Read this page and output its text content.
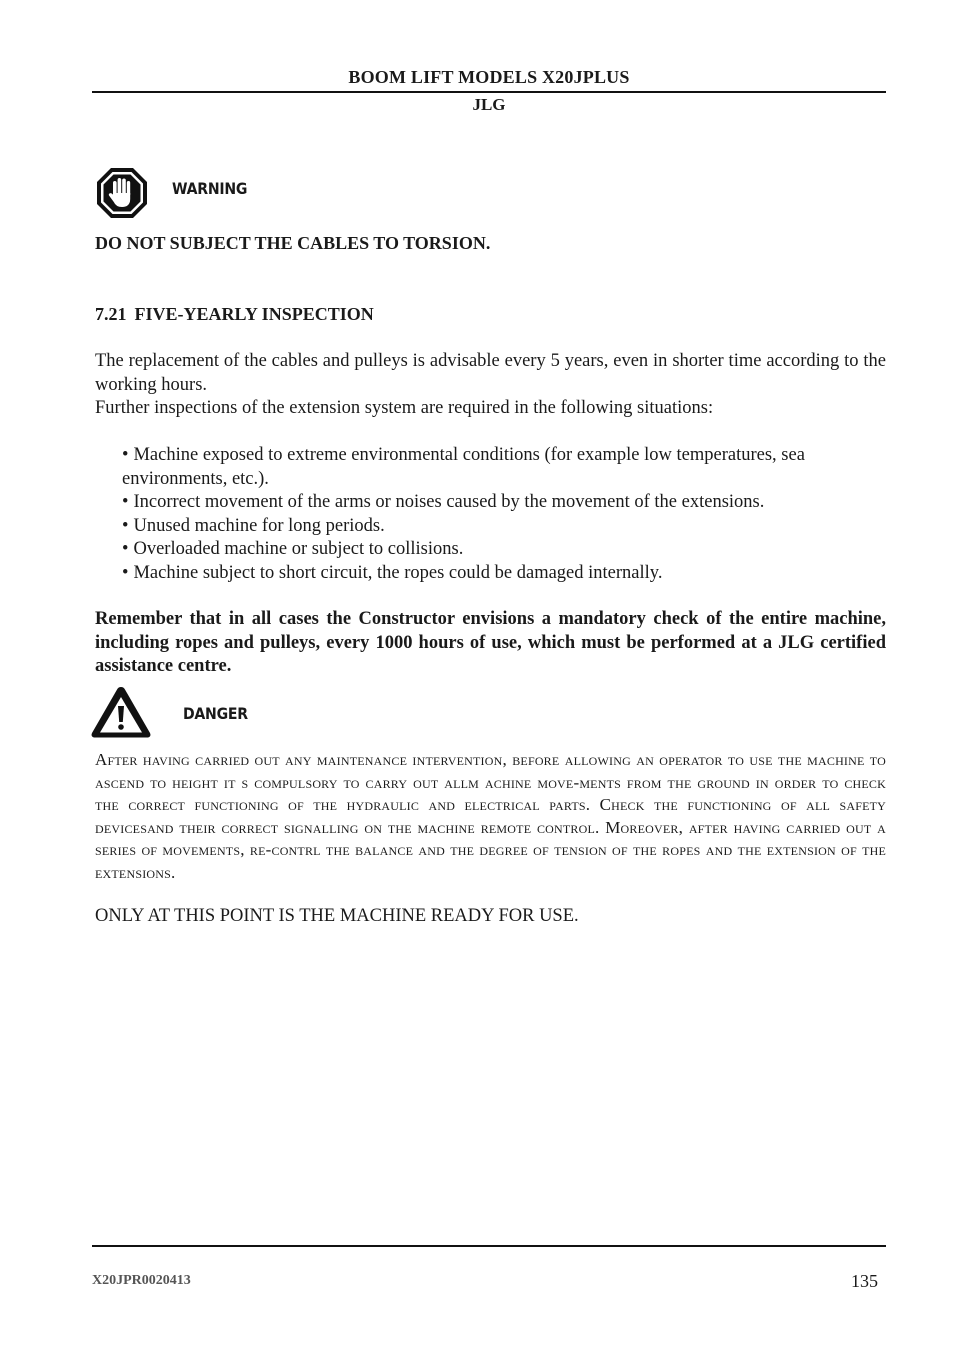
BOOM LIFT MODELS X20JPLUS
JLG
WARNING
DO NOT SUBJECT THE CABLES TO TORSION.
7.21 FIVE-YEARLY INSPECTION
The replacement of the cables and pulleys is advisable every 5 years, even in shorter time according to the working hours.
Further inspections of the extension system are required in the following situations:
• Machine exposed to extreme environmental conditions (for example low temperatures, sea environments, etc.).
• Incorrect movement of the arms or noises caused by the movement of the extensions.
• Unused machine for long periods.
• Overloaded machine or subject to collisions.
• Machine subject to short circuit, the ropes could be damaged internally.
Remember that in all cases the Constructor envisions a mandatory check of the entire machine, including ropes and pulleys, every 1000 hours of use, which must be performed at a JLG certified assistance centre.
DANGER
After having carried out any maintenance intervention, before allowing an operator to use the machine to ascend to height it s compulsory to carry out allm achine move-ments from the ground in order to check the correct functioning of the hydraulic and electrical parts. Check the functioning of all safety devicesand their correct signalling on the machine remote control. Moreover, after having carried out a series of movements, re-contrl the balance and the degree of tension of the ropes and the extension of the extensions.
ONLY AT THIS POINT IS THE MACHINE READY FOR USE.
X20JPR0020413	135
